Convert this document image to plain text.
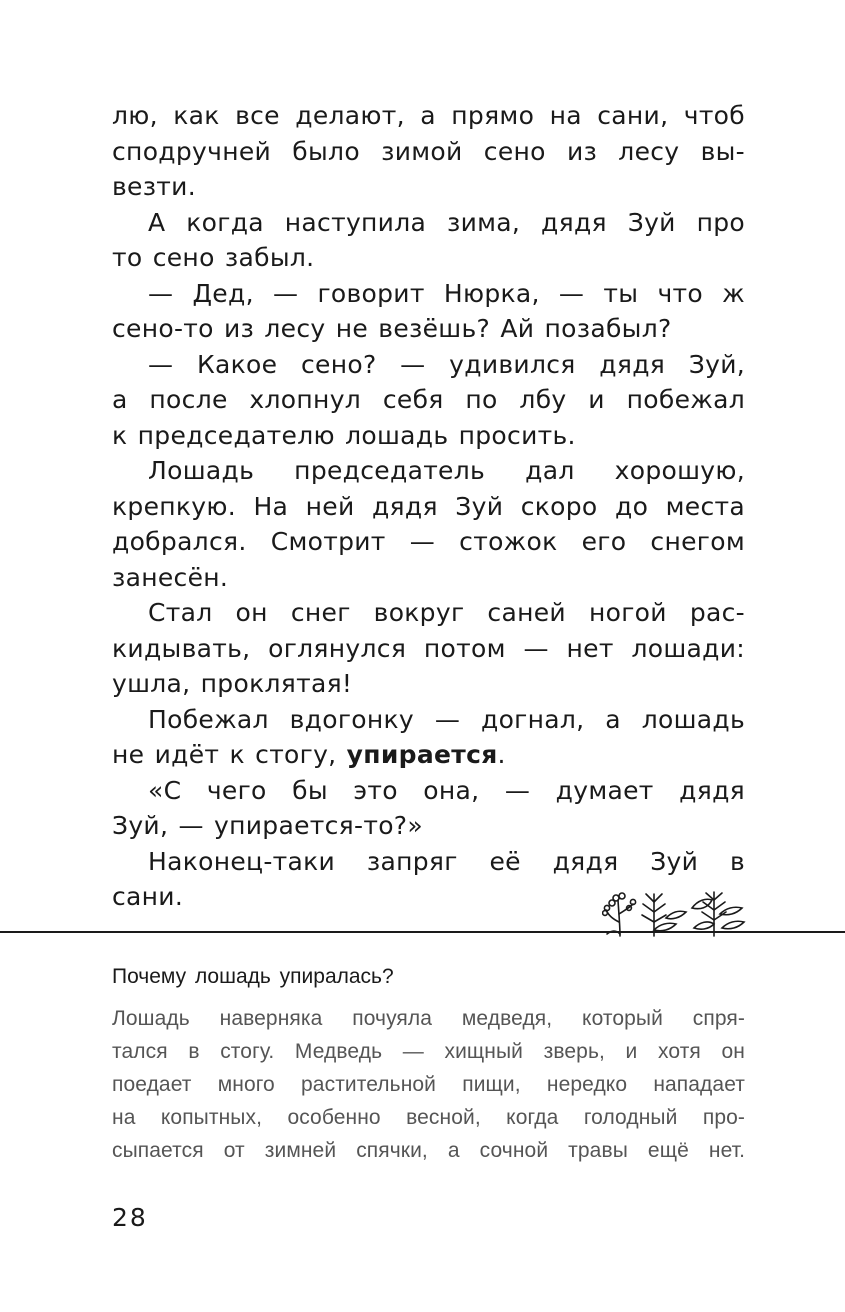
лю, как все делают, а прямо на сани, чтоб

сподручней было зимой сено из лесу вы-

везти.

А когда наступила зима, дядя Зуй про

то сено забыл.

— Дед, — говорит Нюрка, — ты что ж

сено-то из лесу не везёшь? Ай позабыл?

— Какое сено? — удивился дядя Зуй,

а после хлопнул себя по лбу и побежал

к председателю лошадь просить.

Лошадь председатель дал хорошую,

крепкую. На ней дядя Зуй скоро до места

добрался. Смотрит — стожок его снегом

занесён.

Стал он снег вокруг саней ногой рас-

кидывать, оглянулся потом — нет лошади:

ушла, проклятая!

Побежал вдогонку — догнал, а лошадь

не идёт к стогу, упирается.

«С чего бы это она, — думает дядя

Зуй, — упирается-то?»

Наконец-таки запряг её дядя Зуй в

сани.

Почему лошадь упиралась?

Лошадь наверняка почуяла медведя, который спря-

тался в стогу. Медведь — хищный зверь, и хотя он

поедает много растительной пищи, нередко нападает

на копытных, особенно весной, когда голодный про-

сыпается от зимней спячки, а сочной травы ещё нет.

28
